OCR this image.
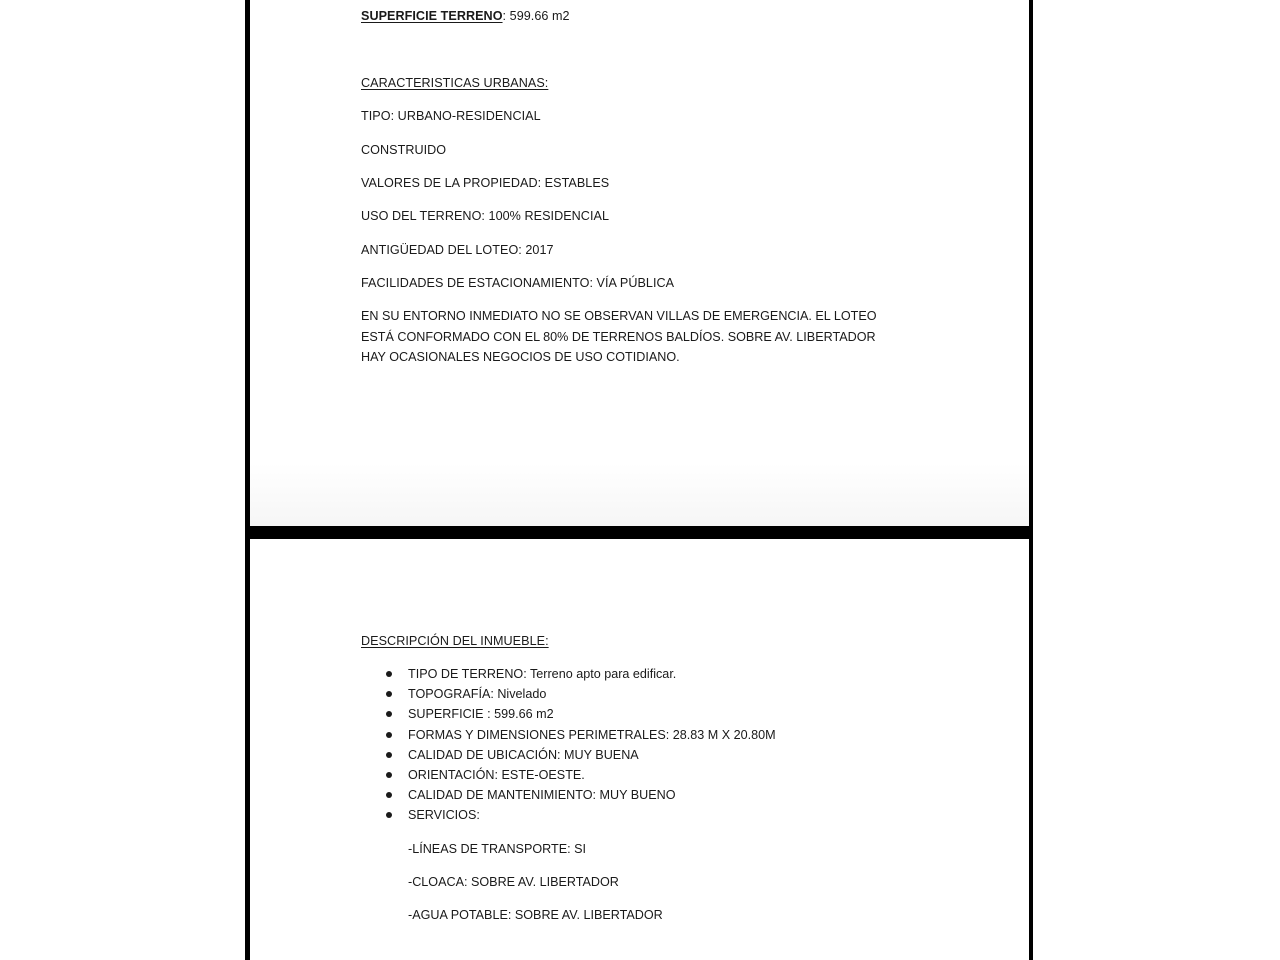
SUPERFICIE TERRENO: 599.66 m2
CARACTERISTICAS URBANAS:
TIPO: URBANO-RESIDENCIAL
CONSTRUIDO
VALORES DE LA PROPIEDAD: ESTABLES
USO DEL TERRENO: 100% RESIDENCIAL
ANTIGÜEDAD DEL LOTEO: 2017
FACILIDADES DE ESTACIONAMIENTO: VÍA PÚBLICA
EN SU ENTORNO INMEDIATO NO SE OBSERVAN VILLAS DE EMERGENCIA. EL LOTEO ESTÁ CONFORMADO CON EL 80% DE TERRENOS BALDÍOS. SOBRE AV. LIBERTADOR HAY OCASIONALES NEGOCIOS DE USO COTIDIANO.
DESCRIPCIÓN DEL INMUEBLE:
TIPO DE TERRENO: Terreno apto para edificar.
TOPOGRAFÍA: Nivelado
SUPERFICIE : 599.66 m2
FORMAS Y DIMENSIONES PERIMETRALES: 28.83 M X 20.80M
CALIDAD DE UBICACIÓN: MUY BUENA
ORIENTACIÓN: ESTE-OESTE.
CALIDAD DE MANTENIMIENTO: MUY BUENO
SERVICIOS:
-LÍNEAS DE TRANSPORTE: SI
-CLOACA: SOBRE AV. LIBERTADOR
-AGUA POTABLE: SOBRE AV. LIBERTADOR
